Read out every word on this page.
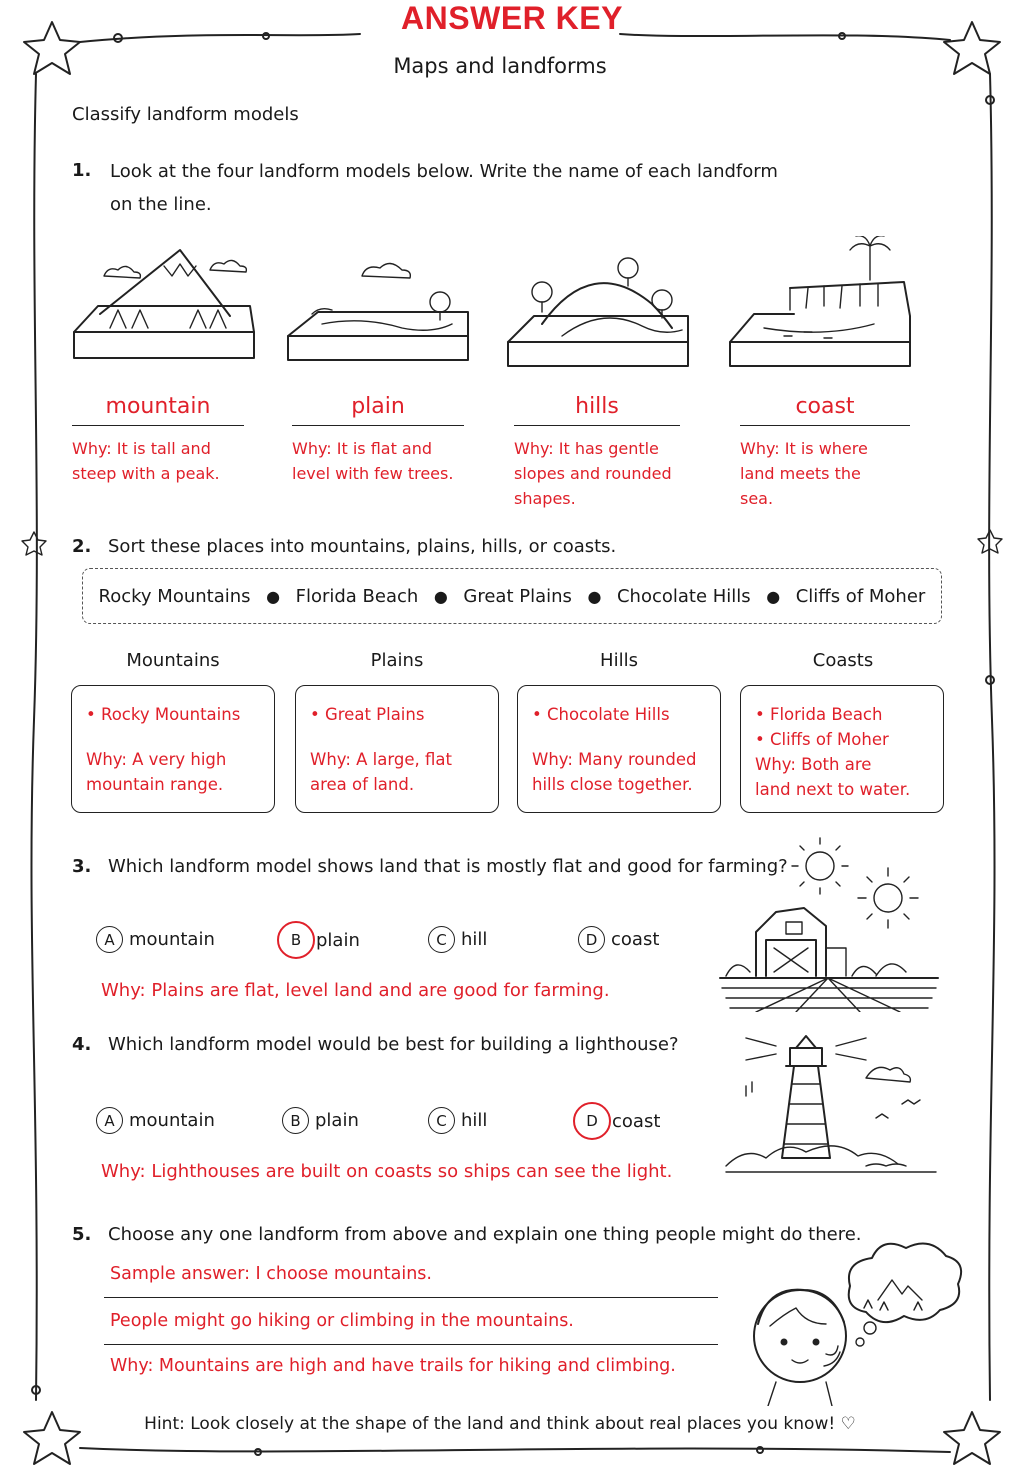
ANSWER KEY
Maps and landforms
Classify landform models
1. Look at the four landform models below. Write the name of each landform
on the line.
mountain
Why: It is tall and
steep with a peak.
plain
Why: It is flat and
level with few trees.
hills
Why: It has gentle
slopes and rounded
shapes.
coast
Why: It is where
land meets the
sea.
2. Sort these places into mountains, plains, hills, or coasts.
Rocky Mountains ● Florida Beach ● Great Plains ● Chocolate Hills ● Cliffs of Moher
Mountains	Plains	Hills	Coasts
• Rocky Mountains
Why: A very high
mountain range.
• Great Plains
Why: A large, flat
area of land.
• Chocolate Hills
Why: Many rounded
hills close together.
• Florida Beach
• Cliffs of Moher
Why: Both are
land next to water.
3. Which landform model shows land that is mostly flat and good for farming?
A mountain	B plain	C hill	D coast
Why: Plains are flat, level land and are good for farming.
4. Which landform model would be best for building a lighthouse?
A mountain	B plain	C hill	D coast
Why: Lighthouses are built on coasts so ships can see the light.
5. Choose any one landform from above and explain one thing people might do there.
Sample answer: I choose mountains.
People might go hiking or climbing in the mountains.
Why: Mountains are high and have trails for hiking and climbing.
Hint: Look closely at the shape of the land and think about real places you know! ♡
